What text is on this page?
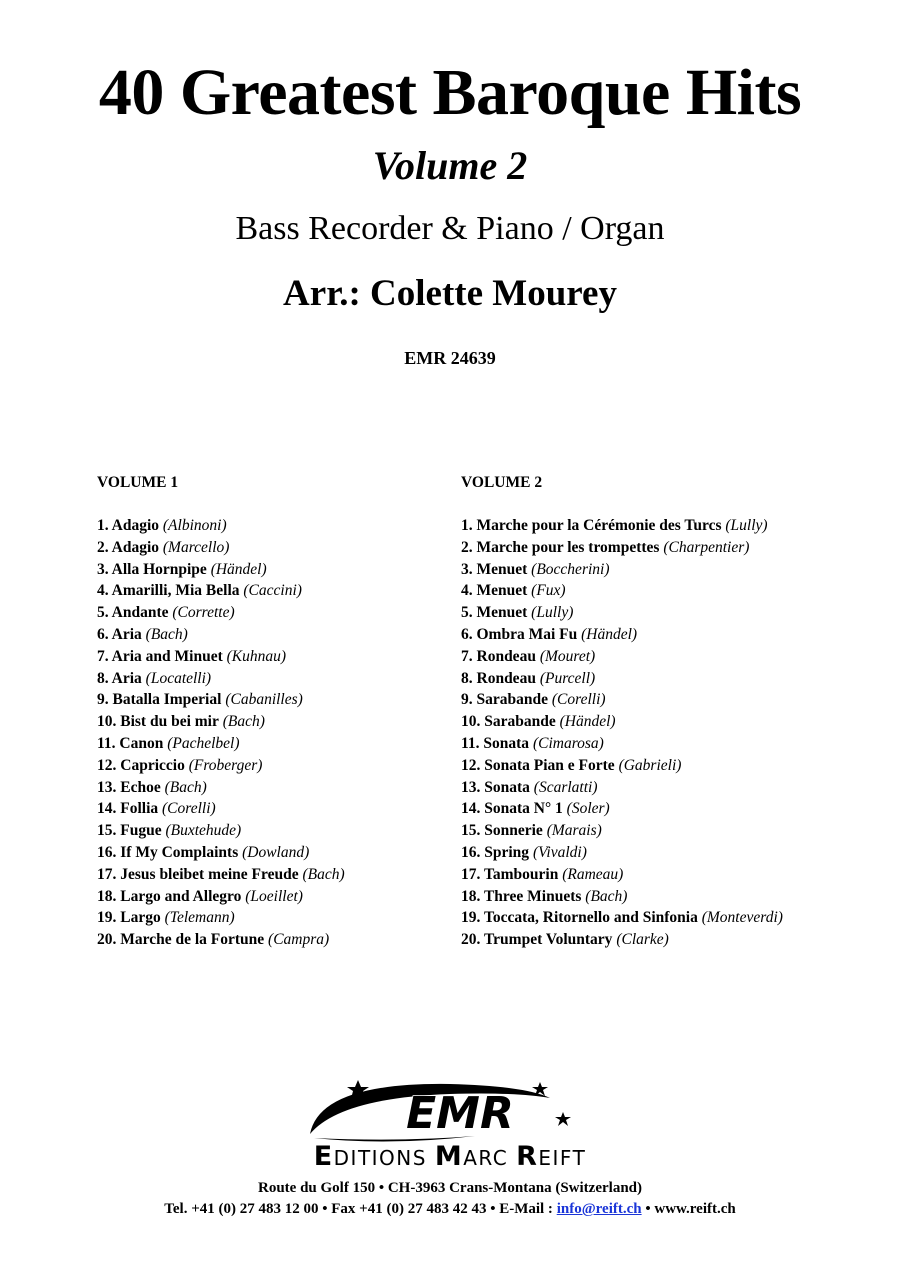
40 Greatest Baroque Hits
Volume 2
Bass Recorder & Piano / Organ
Arr.: Colette Mourey
EMR 24639
VOLUME 1
1. Adagio (Albinoni)
2. Adagio (Marcello)
3. Alla Hornpipe (Händel)
4. Amarilli, Mia Bella (Caccini)
5. Andante (Corrette)
6. Aria (Bach)
7. Aria and Minuet (Kuhnau)
8. Aria (Locatelli)
9. Batalla Imperial (Cabanilles)
10. Bist du bei mir (Bach)
11. Canon (Pachelbel)
12. Capriccio (Froberger)
13. Echoe (Bach)
14. Follia (Corelli)
15. Fugue (Buxtehude)
16. If My Complaints (Dowland)
17. Jesus bleibet meine Freude (Bach)
18. Largo and Allegro (Loeillet)
19. Largo (Telemann)
20. Marche de la Fortune (Campra)
VOLUME 2
1. Marche pour la Cérémonie des Turcs (Lully)
2. Marche pour les trompettes (Charpentier)
3. Menuet (Boccherini)
4. Menuet (Fux)
5. Menuet (Lully)
6. Ombra Mai Fu (Händel)
7. Rondeau (Mouret)
8. Rondeau (Purcell)
9. Sarabande (Corelli)
10. Sarabande (Händel)
11. Sonata (Cimarosa)
12. Sonata Pian e Forte (Gabrieli)
13. Sonata (Scarlatti)
14. Sonata N° 1 (Soler)
15. Sonnerie (Marais)
16. Spring (Vivaldi)
17. Tambourin (Rameau)
18. Three Minuets (Bach)
19. Toccata, Ritornello and Sinfonia (Monteverdi)
20. Trumpet Voluntary (Clarke)
EMR
EDITIONS MARC REIFT
Route du Golf 150 • CH-3963 Crans-Montana (Switzerland)
Tel. +41 (0) 27 483 12 00 • Fax +41 (0) 27 483 42 43 • E-Mail : info@reift.ch • www.reift.ch
